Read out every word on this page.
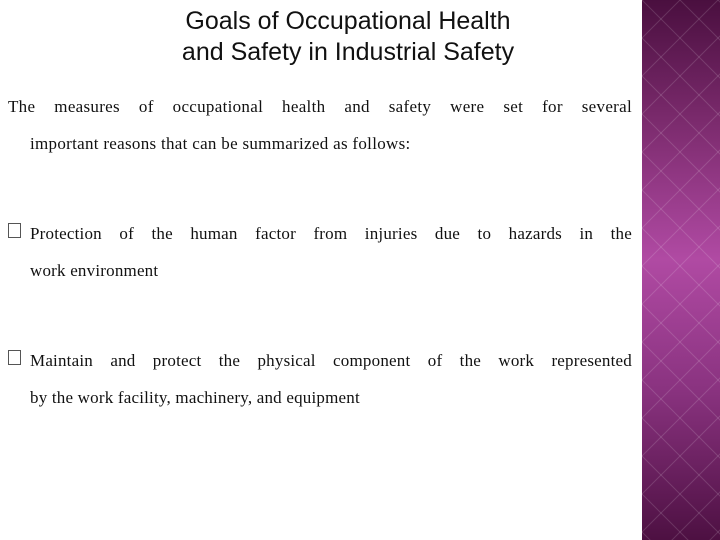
Goals of Occupational Health
and Safety in Industrial Safety
The measures of occupational health and safety were set for several
important reasons that can be summarized as follows:
Protection of the human factor from injuries due to hazards in the
work environment
Maintain and protect the physical component of the work represented
by the work facility, machinery, and equipment
